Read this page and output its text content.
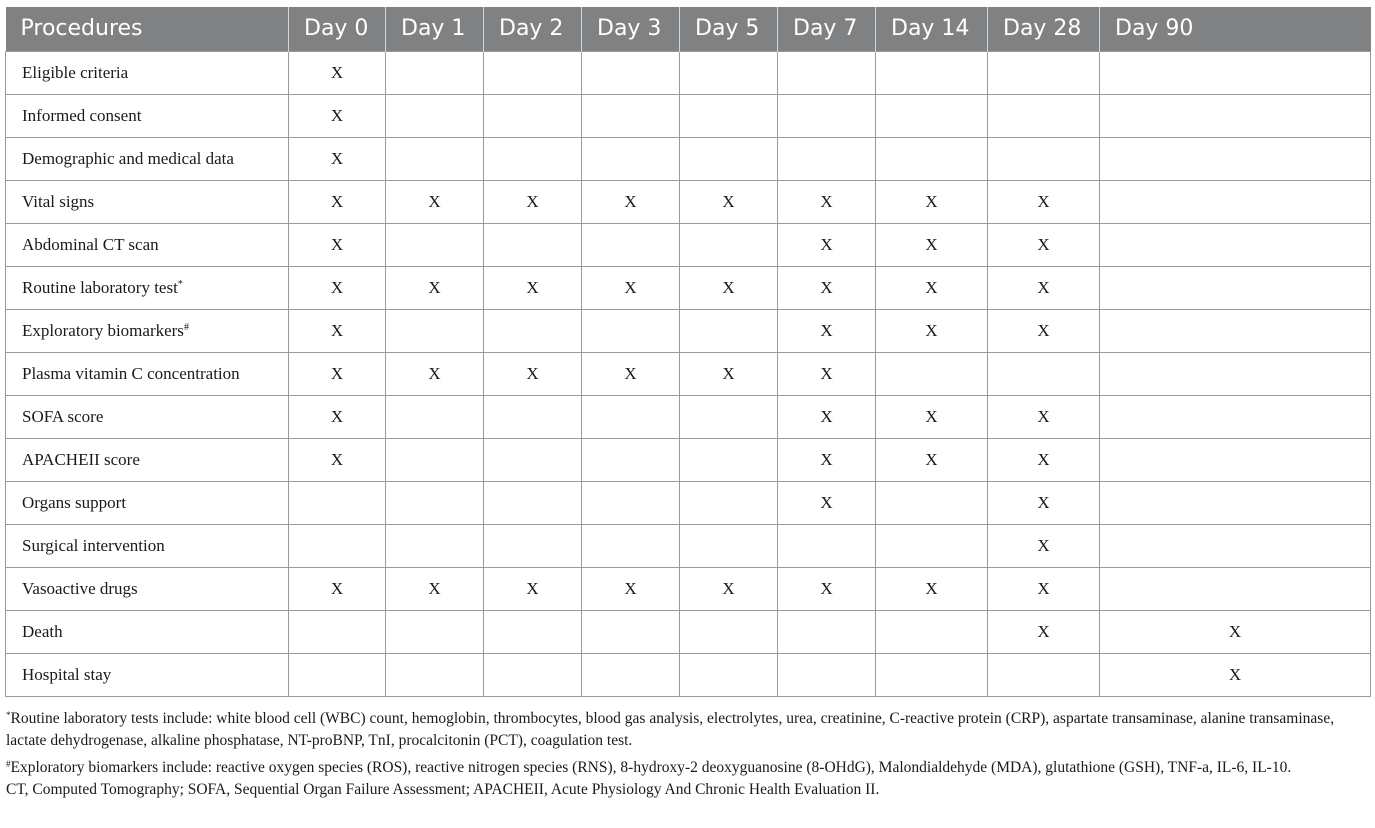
Procedures	Day 0	Day 1	Day 2	Day 3	Day 5	Day 7	Day 14	Day 28	Day 90
Eligible criteria	X								
Informed consent	X								
Demographic and medical data	X								
Vital signs	X	X	X	X	X	X	X	X	
Abdominal CT scan	X					X	X	X	
Routine laboratory test*	X	X	X	X	X	X	X	X	
Exploratory biomarkers#	X					X	X	X	
Plasma vitamin C concentration	X	X	X	X	X	X			
SOFA score	X					X	X	X	
APACHEII score	X					X	X	X	
Organs support						X		X	
Surgical intervention								X	
Vasoactive drugs	X	X	X	X	X	X	X	X	
Death								X	X
Hospital stay									X

*Routine laboratory tests include: white blood cell (WBC) count, hemoglobin, thrombocytes, blood gas analysis, electrolytes, urea, creatinine, C-reactive protein (CRP), aspartate transaminase, alanine transaminase, lactate dehydrogenase, alkaline phosphatase, NT-proBNP, TnI, procalcitonin (PCT), coagulation test.

#Exploratory biomarkers include: reactive oxygen species (ROS), reactive nitrogen species (RNS), 8-hydroxy-2 deoxyguanosine (8-OHdG), Malondialdehyde (MDA), glutathione (GSH), TNF-a, IL-6, IL-10.

CT, Computed Tomography; SOFA, Sequential Organ Failure Assessment; APACHEII, Acute Physiology And Chronic Health Evaluation II.
